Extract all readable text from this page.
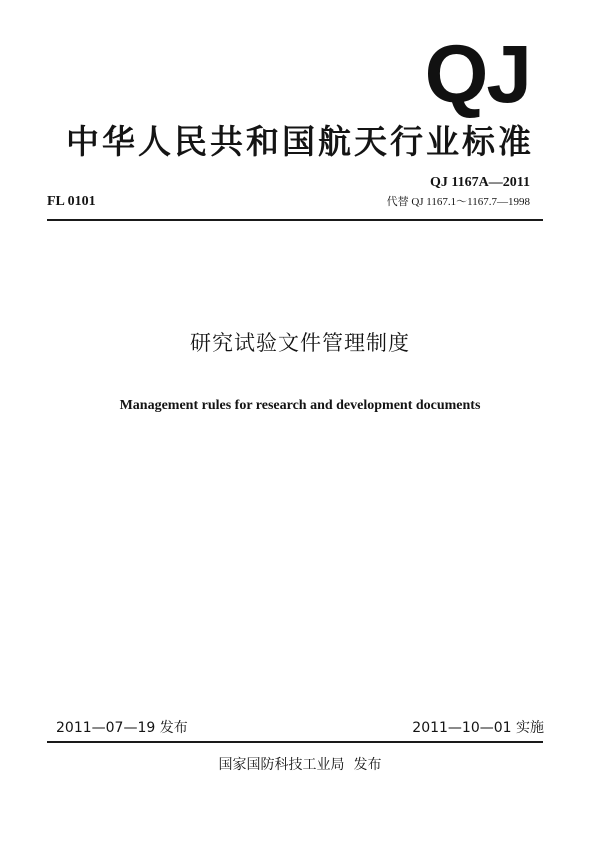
QJ
中华人民共和国航天行业标准
FL 0101
QJ 1167A—2011
代替 QJ 1167.1～1167.7—1998
研究试验文件管理制度
Management rules for research and development documents
2011—07—19 发布	2011—10—01 实施
国家国防科技工业局  发布
